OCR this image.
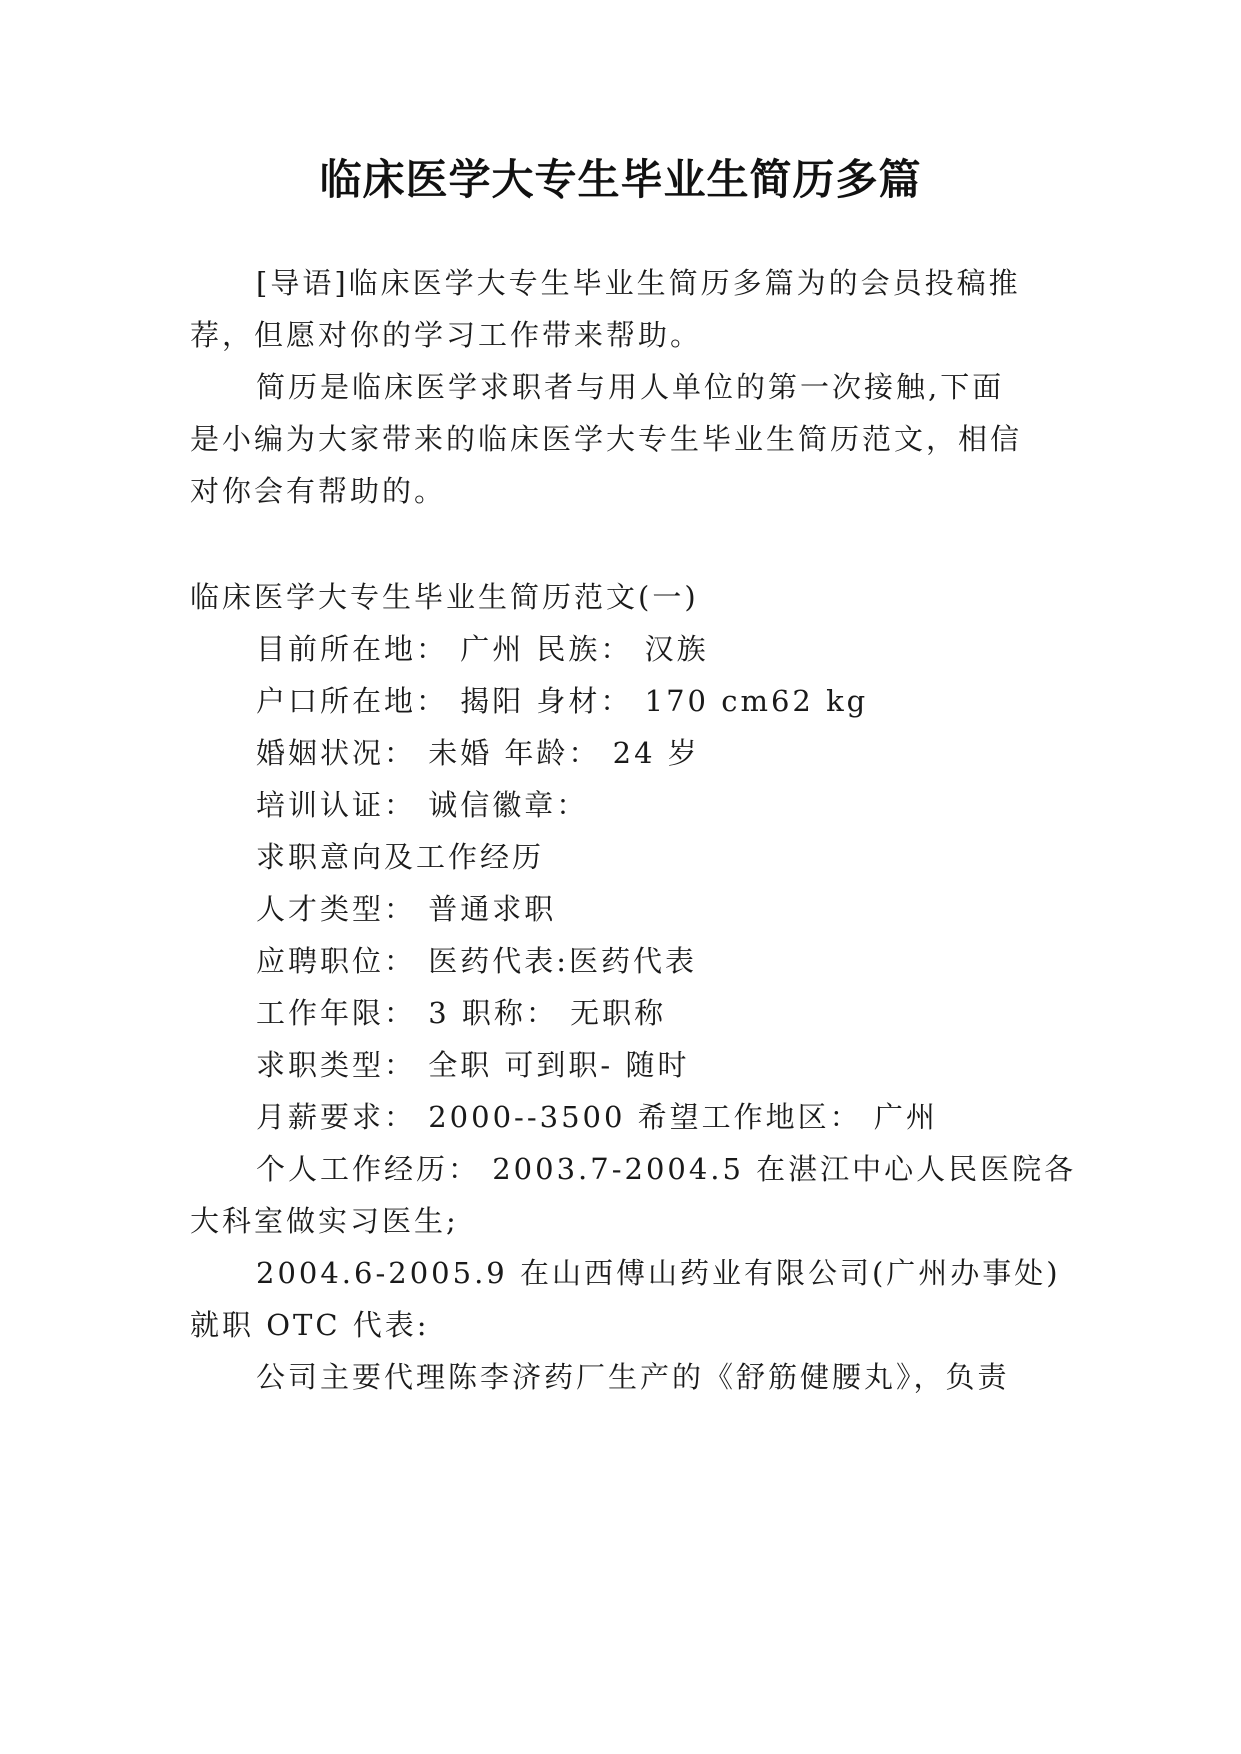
临床医学大专生毕业生简历多篇
[导语]临床医学大专生毕业生简历多篇为的会员投稿推
荐，但愿对你的学习工作带来帮助。
简历是临床医学求职者与用人单位的第一次接触,下面
是小编为大家带来的临床医学大专生毕业生简历范文，相信
对你会有帮助的。
临床医学大专生毕业生简历范文(一)
目前所在地： 广州 民族： 汉族
户口所在地： 揭阳 身材： 170 cm62 kg
婚姻状况： 未婚 年龄： 24 岁
培训认证： 诚信徽章：
求职意向及工作经历
人才类型： 普通求职
应聘职位： 医药代表:医药代表
工作年限： 3 职称： 无职称
求职类型： 全职 可到职- 随时
月薪要求： 2000--3500 希望工作地区： 广州
个人工作经历： 2003.7-2004.5 在湛江中心人民医院各
大科室做实习医生;
2004.6-2005.9 在山西傅山药业有限公司(广州办事处)
就职 OTC 代表:
公司主要代理陈李济药厂生产的《舒筋健腰丸》，负责
